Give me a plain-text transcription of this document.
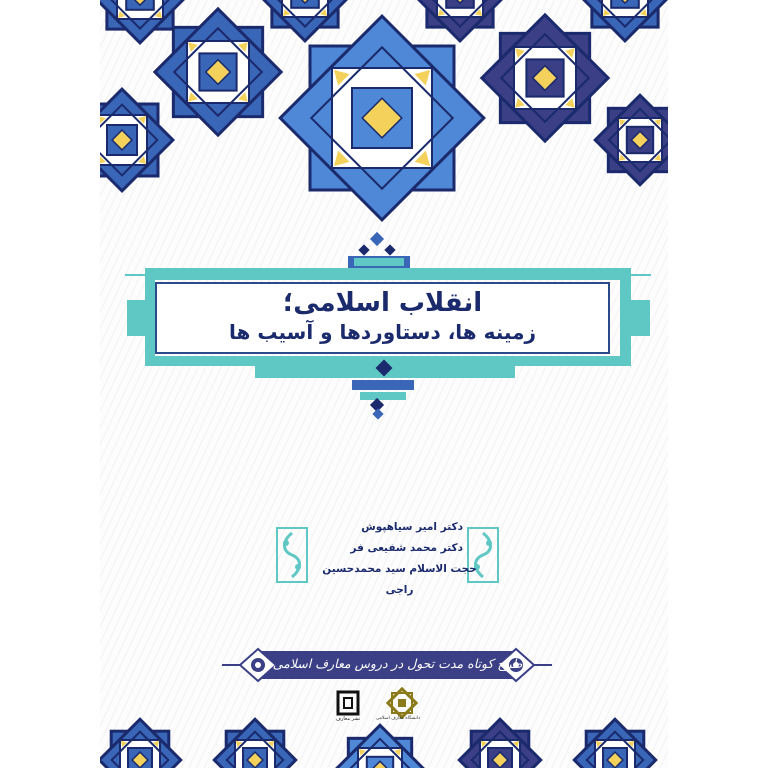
انقلاب اسلامی؛
زمینه ها، دستاوردها و آسیب ها
دکتر امیر سیاهپوش
دکتر محمد شفیعی فر
حجت الاسلام سید محمدحسین راجی
طرح کوتاه مدت تحول در دروس معارف اسلامی
نشر معارف	دانشگاه معارف اسلامی
